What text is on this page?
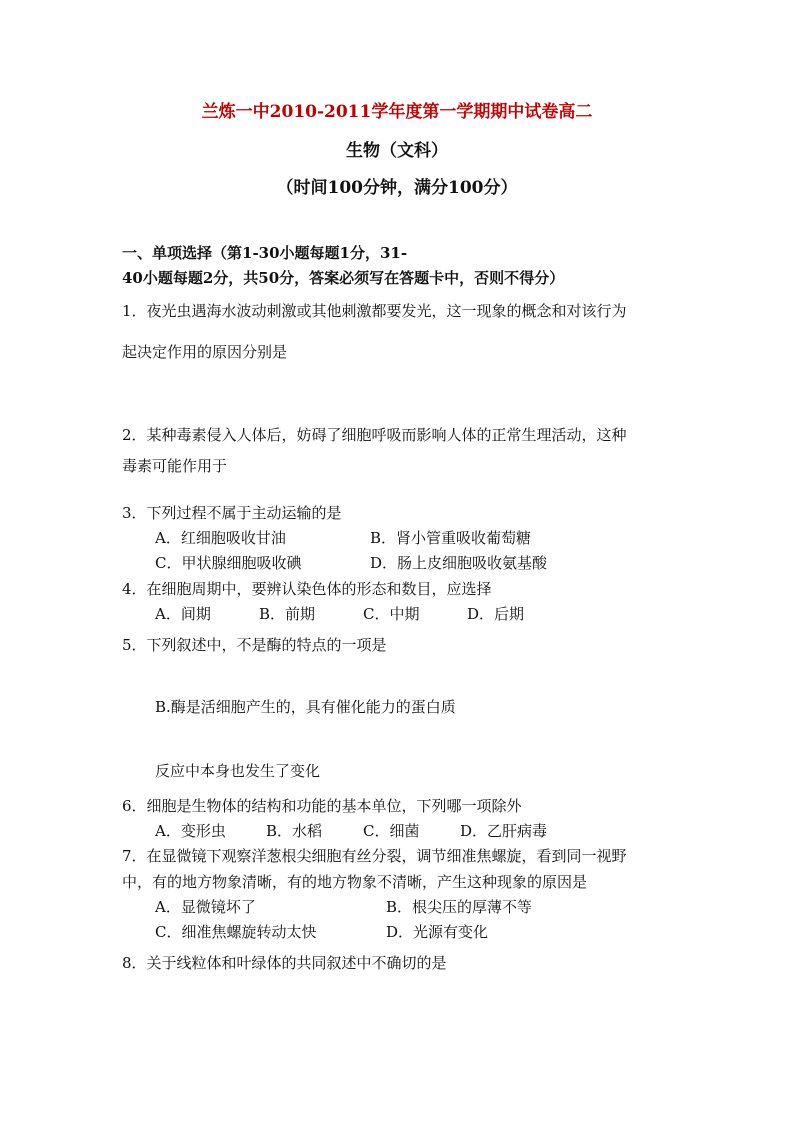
兰炼一中2010-2011学年度第一学期期中试卷高二
生物（文科）
（时间100分钟，满分100分）
一、单项选择（第1-30小题每题1分，31-
40小题每题2分，共50分，答案必须写在答题卡中，否则不得分）
1．夜光虫遇海水波动刺激或其他刺激都要发光，这一现象的概念和对该行为
起决定作用的原因分别是
2．某种毒素侵入人体后，妨碍了细胞呼吸而影响人体的正常生理活动，这种
毒素可能作用于
3．下列过程不属于主动运输的是
A．红细胞吸收甘油	B．肾小管重吸收葡萄糖
C．甲状腺细胞吸收碘	D．肠上皮细胞吸收氨基酸
4．在细胞周期中，要辨认染色体的形态和数目，应选择
A．间期	B．前期	C．中期	D．后期
5．下列叙述中，不是酶的特点的一项是
B.酶是活细胞产生的，具有催化能力的蛋白质
反应中本身也发生了变化
6．细胞是生物体的结构和功能的基本单位，下列哪一项除外
A．变形虫	B．水稻	C．细菌	D．乙肝病毒
7．在显微镜下观察洋葱根尖细胞有丝分裂，调节细准焦螺旋，看到同一视野
中，有的地方物象清晰，有的地方物象不清晰，产生这种现象的原因是
A．显微镜坏了	B．根尖压的厚薄不等
C．细准焦螺旋转动太快	D．光源有变化
8．关于线粒体和叶绿体的共同叙述中不确切的是
